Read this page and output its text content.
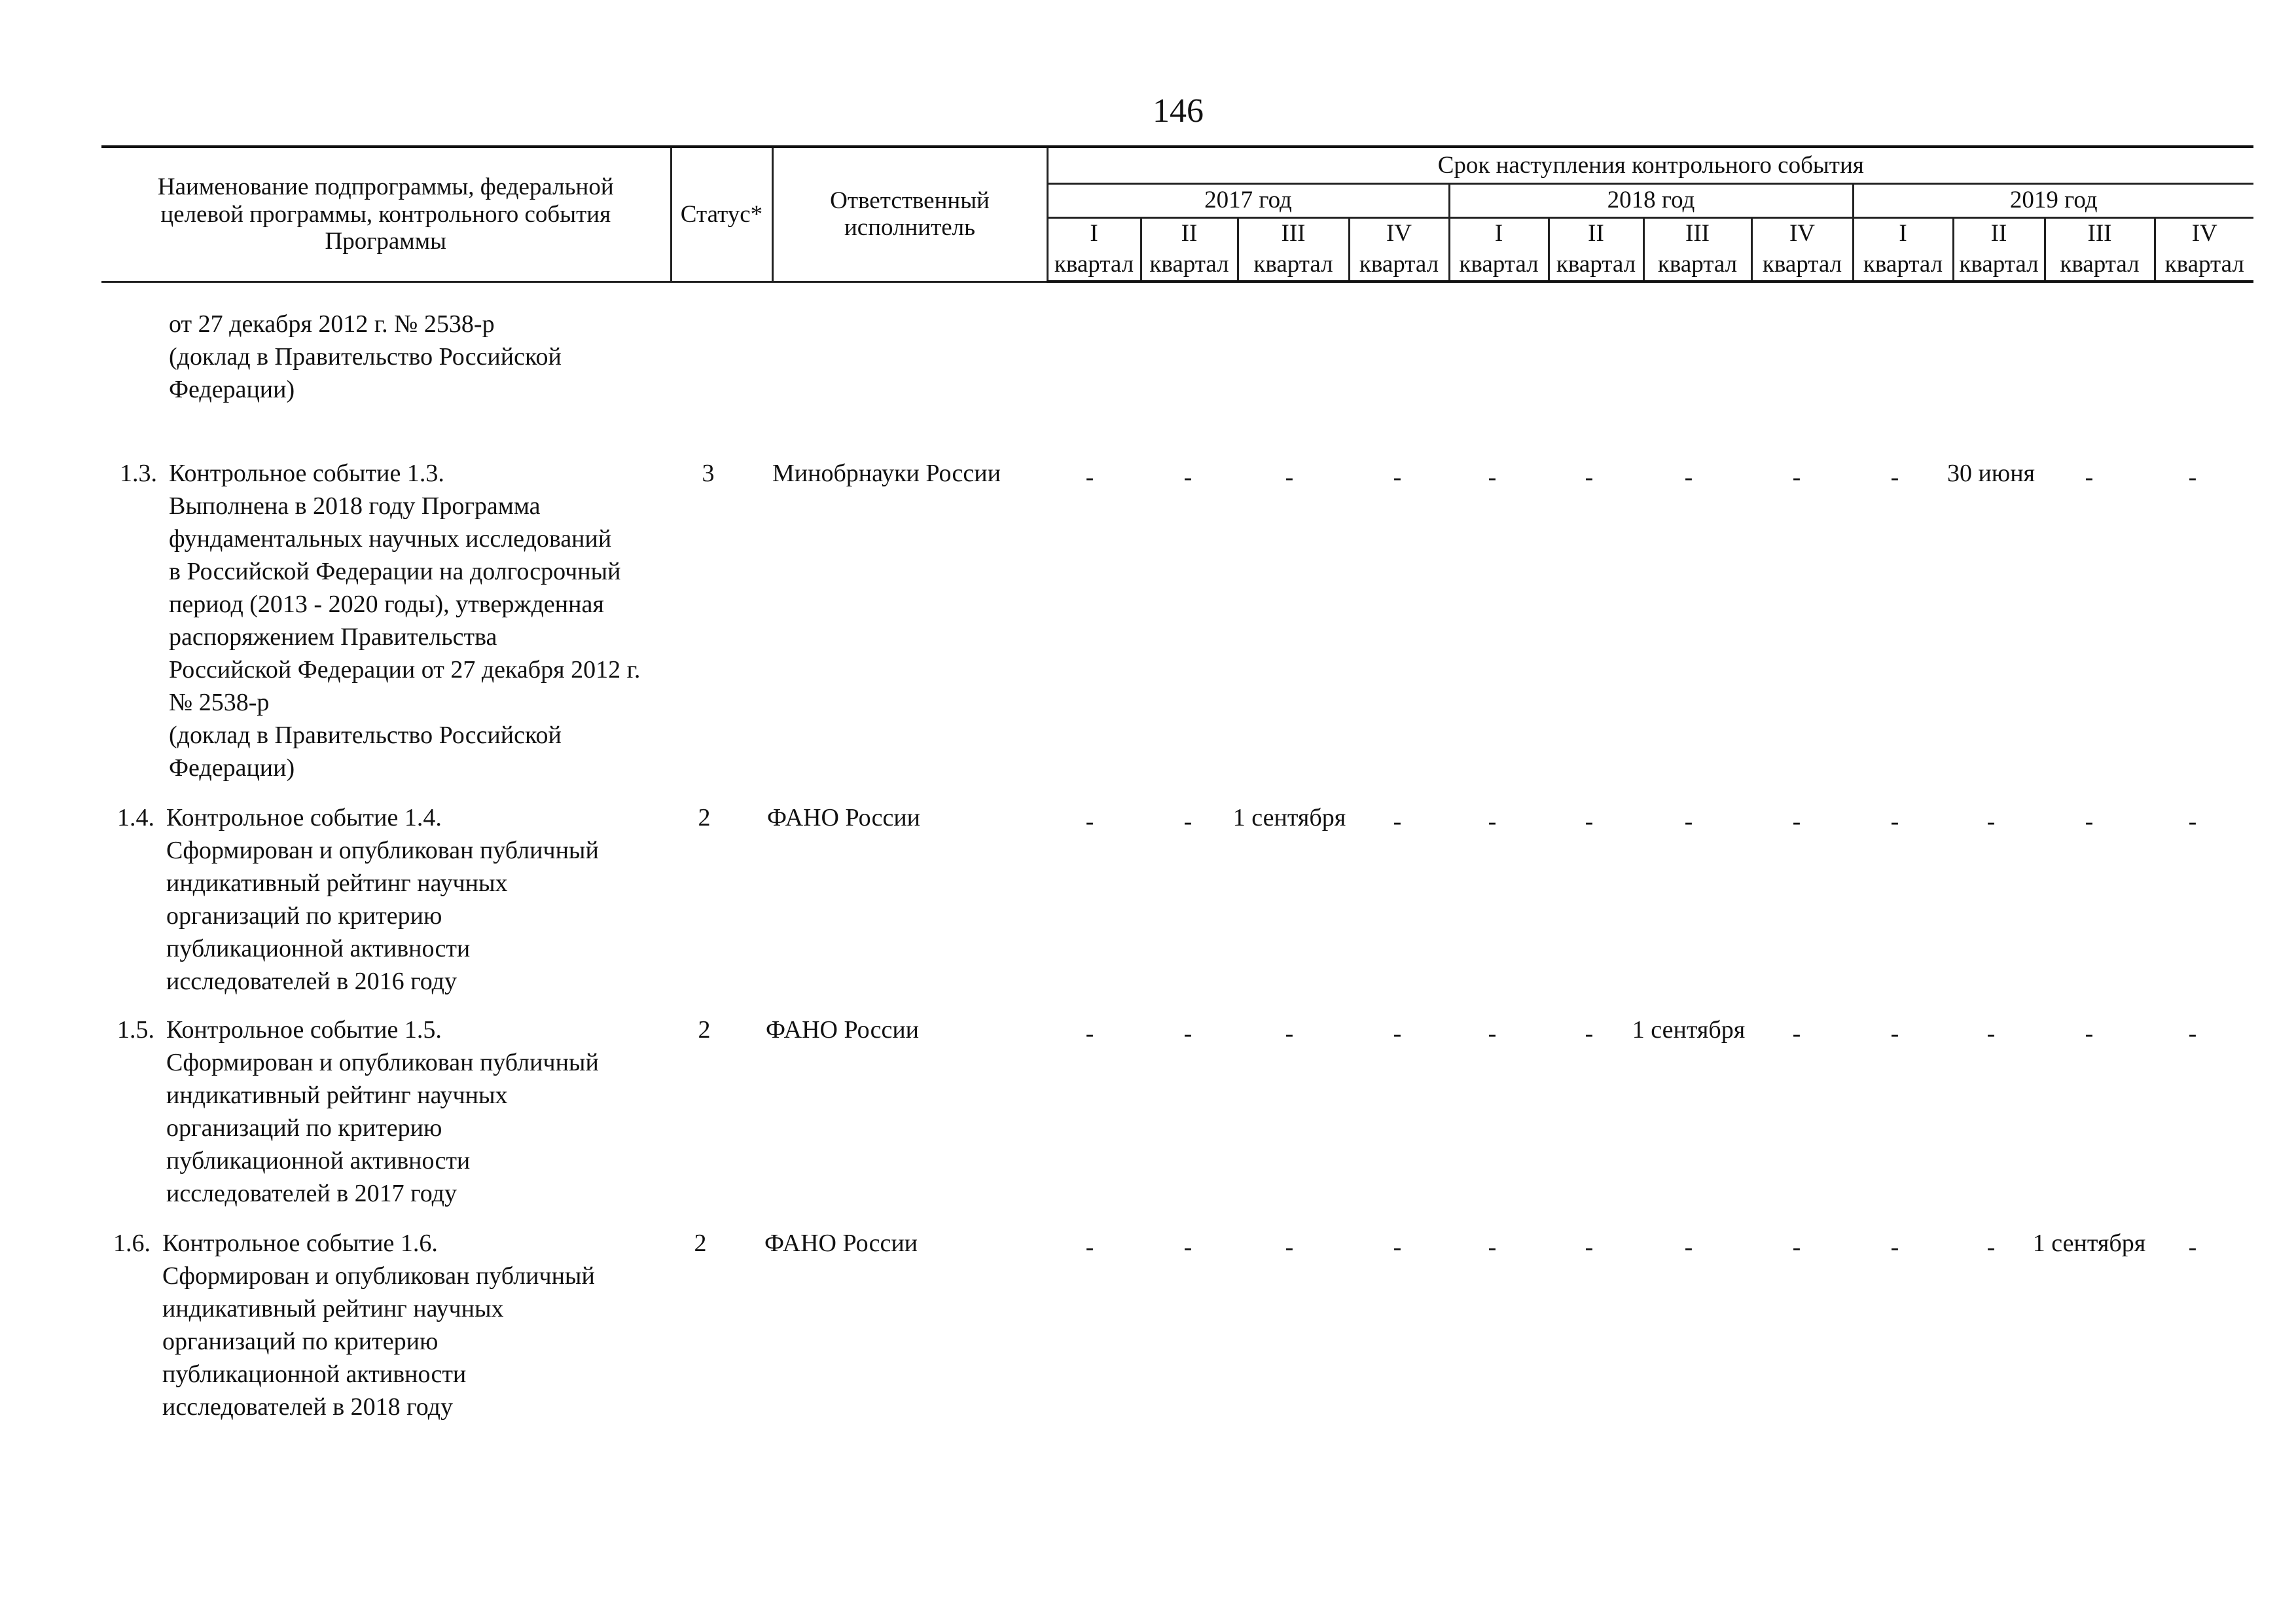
146
Наименование подпрограммы, федеральной целевой программы, контрольного события Программы	Статус*	Ответственный исполнитель	Срок наступления контрольного события											
			2017 год				2018 год				2019 год			
			I	II	III	IV	I	II	III	IV	I	II	III	IV
			квартал	квартал	квартал	квартал	квартал	квартал	квартал	квартал	квартал	квартал	квартал	квартал
от 27 декабря 2012 г. № 2538-р
(доклад в Правительство Российской
Федерации)
1.3. Контрольное событие 1.3.
Выполнена в 2018 году Программа
фундаментальных научных исследований
в Российской Федерации на долгосрочный
период (2013 - 2020 годы), утвержденная
распоряжением Правительства
Российской Федерации от 27 декабря 2012 г.
№ 2538-р
(доклад в Правительство Российской
Федерации)
3 Минобрнауки России	-	-	-	-	-	-	-	-	-	30 июня	-	-
1.4. Контрольное событие 1.4.
Сформирован и опубликован публичный
индикативный рейтинг научных
организаций по критерию
публикационной активности
исследователей в 2016 году
2 ФАНО России	-	-	1 сентября	-	-	-	-	-	-	-	-	-
1.5. Контрольное событие 1.5.
Сформирован и опубликован публичный
индикативный рейтинг научных
организаций по критерию
публикационной активности
исследователей в 2017 году
2 ФАНО России	-	-	-	-	-	-	1 сентября	-	-	-	-	-
1.6. Контрольное событие 1.6.
Сформирован и опубликован публичный
индикативный рейтинг научных
организаций по критерию
публикационной активности
исследователей в 2018 году
2 ФАНО России	-	-	-	-	-	-	-	-	-	-	1 сентября	-
